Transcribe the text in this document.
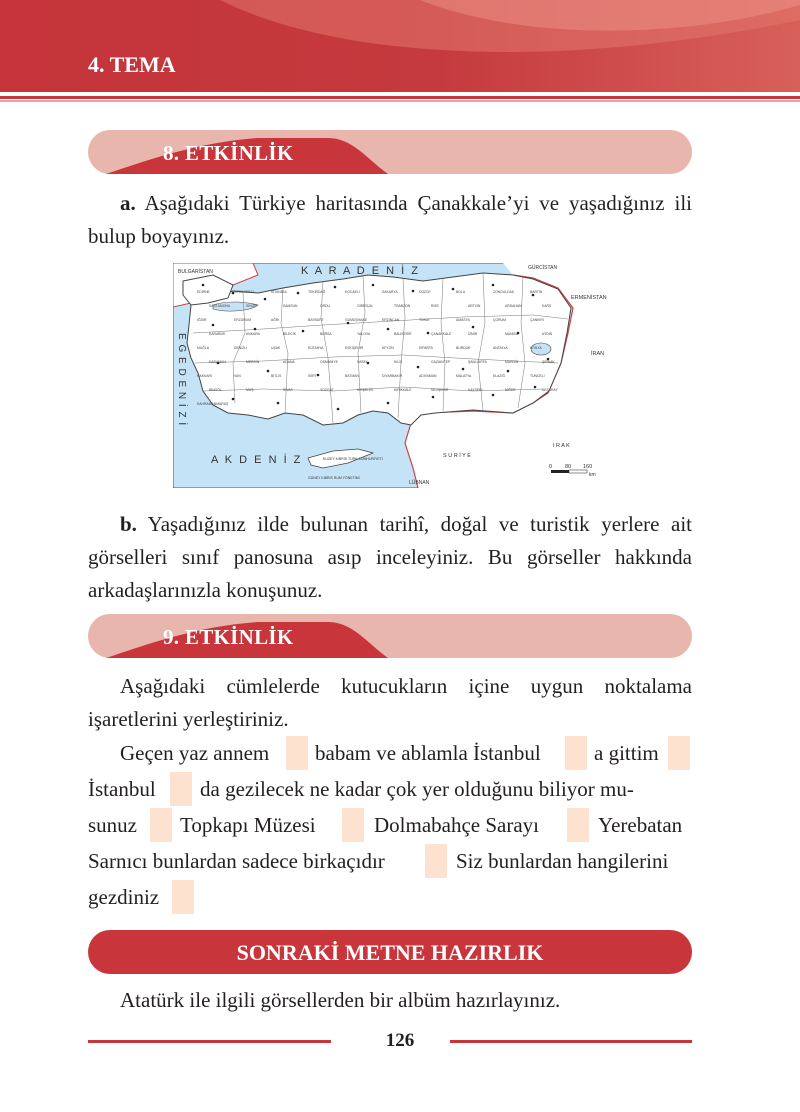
4. TEMA
8. ETKİNLİK

a. Aşağıdaki Türkiye haritasında Çanakkale’yi ve yaşadığınız ili bulup boyayınız.

K A R A D E N İ Z
BULGARİSTAN
GÜRCİSTAN
ERMENİSTAN
İRAN
I R A K
S U R İ Y E
LÜBNAN
A K D E N İ Z	KUZEY KIBRIS TÜRK CUMHURİYETİ
GÜNEY KIBRIS RUM YÖNETİMİ
E G E D E N İ Z İ
0 80 160
km
EDİRNE	KIRKLARELİ	İSTANBUL	TEKİRDAĞ	KOCAELİ	SAKARYA	DÜZCE	BOLU	ZONGULDAK	BARTIN
KASTAMONU	SİNOP	SAMSUN	ORDU	GİRESUN	TRABZON	RİZE	ARTVİN	ARDAHAN	KARS
IĞDIR	ERZURUM	AĞRI	BAYBURT	GÜMÜŞHANE	ERZİNCAN	TOKAT	AMASYA	ÇORUM	ÇANKIRI
KARABÜK	ANKARA	BİLECİK	BURSA	YALOVA	BALIKESİR	ÇANAKKALE	İZMİR	MANİSA	AYDIN
MUĞLA	DENİZLİ	UŞAK	KÜTAHYA	ESKİŞEHİR	AFYON	ISPARTA	BURDUR	ANTALYA	KONYA
KARAMAN	MERSİN	ADANA	OSMANİYE	HATAY	KİLİS	GAZİANTEP	ŞANLIURFA	MARDİN	ŞIRNAK
HAKKARİ	VAN	BİTLİS	SİİRT	BATMAN	DİYARBAKIR	ADIYAMAN	MALATYA	ELAZIĞ	TUNCELİ
BİNGÖL	MUŞ	SİVAS	YOZGAT	KIRŞEHİR	KIRIKKALE	NEVŞEHİR	KAYSERİ	NİĞDE	AKSARAY
KAHRAMANMARAŞ

b. Yaşadığınız ilde bulunan tarihî, doğal ve turistik yerlere ait görselleri sınıf panosuna asıp inceleyiniz. Bu görseller hakkında arkadaşlarınızla konuşunuz.

9. ETKİNLİK

Aşağıdaki cümlelerde kutucukların içine uygun noktalama işaretlerini yerleştiriniz.

Geçen yaz annem babam ve ablamla İstanbul	a gittim
İstanbul da gezilecek ne kadar çok yer olduğunu biliyor mu-
sunuz Topkapı Müzesi	Dolmabahçe Sarayı	Yerebatan
Sarnıcı bunlardan sadece birkaçıdır	Siz bunlardan hangilerini
gezdiniz
SONRAKİ METNE HAZIRLIK

Atatürk ile ilgili görsellerden bir albüm hazırlayınız.

126
